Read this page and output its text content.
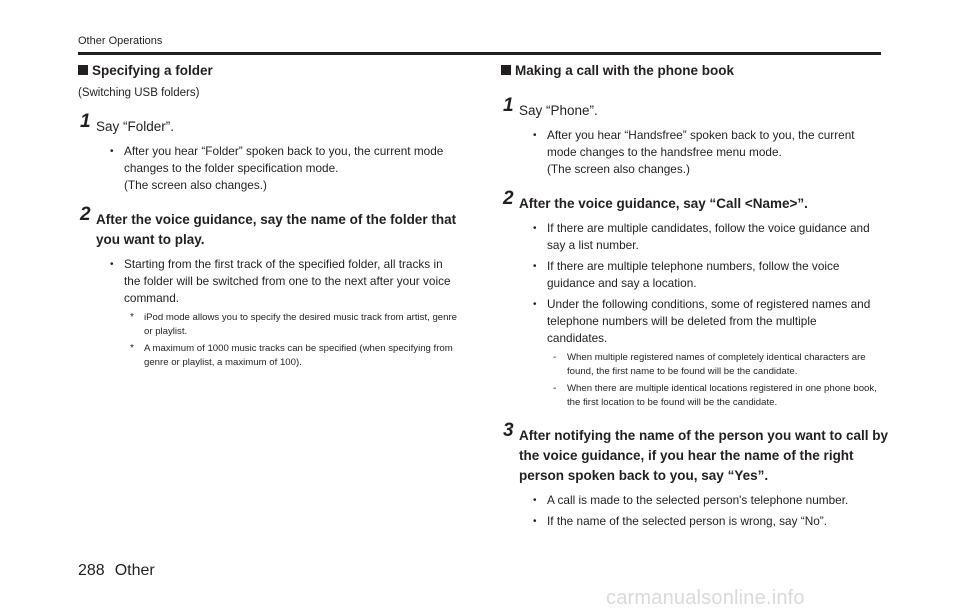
Other Operations
Specifying a folder
(Switching USB folders)
1 Say “Folder”.
• After you hear “Folder” spoken back to you, the current mode
changes to the folder specification mode.
(The screen also changes.)
2 After the voice guidance, say the name of the folder that you want to play.
• Starting from the first track of the specified folder, all tracks in
the folder will be switched from one to the next after your voice
command.
* iPod mode allows you to specify the desired music track from artist, genre or playlist.
* A maximum of 1000 music tracks can be specified (when specifying from genre or playlist, a maximum of 100).
Making a call with the phone book
1 Say “Phone”.
• After you hear “Handsfree” spoken back to you, the current
mode changes to the handsfree menu mode.
(The screen also changes.)
2 After the voice guidance, say “Call <Name>”.
• If there are multiple candidates, follow the voice guidance and
say a list number.
• If there are multiple telephone numbers, follow the voice
guidance and say a location.
• Under the following conditions, some of registered names and
telephone numbers will be deleted from the multiple
candidates.
- When multiple registered names of completely identical characters are found, the first name to be found will be the candidate.
- When there are multiple identical locations registered in one phone book, the first location to be found will be the candidate.
3 After notifying the name of the person you want to call by the voice guidance, if you hear the name of the right person spoken back to you, say “Yes”.
• A call is made to the selected person's telephone number.
• If the name of the selected person is wrong, say “No”.
288 Other
carmanualsonline.info
